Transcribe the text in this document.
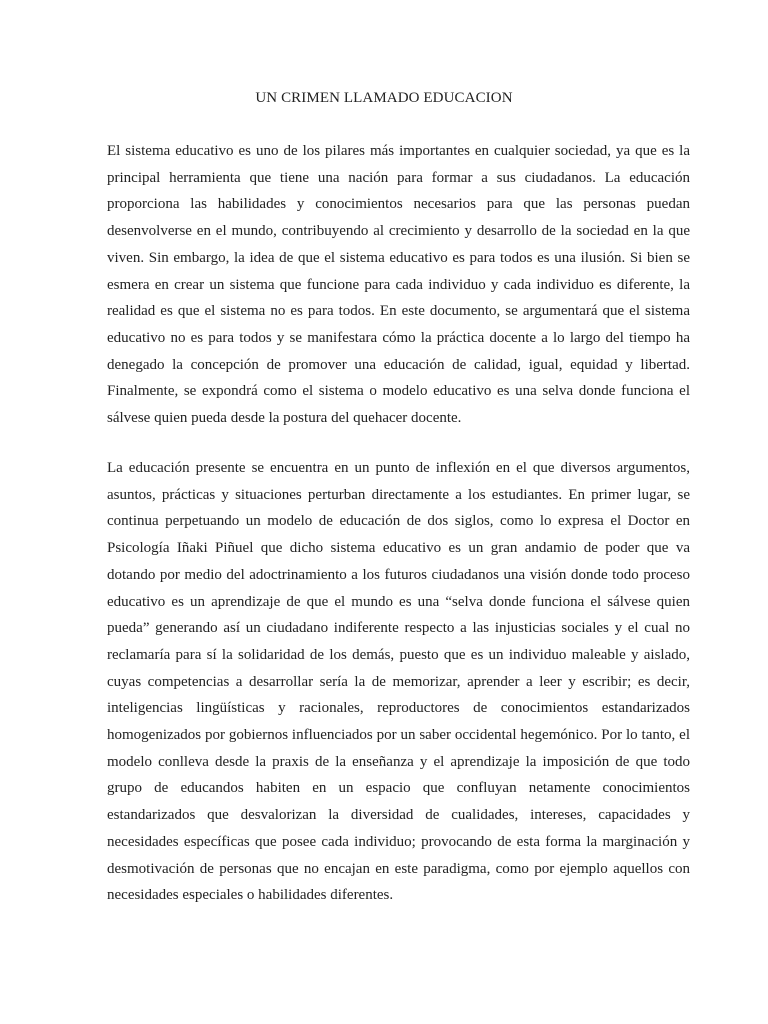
UN CRIMEN LLAMADO EDUCACION

El sistema educativo es uno de los pilares más importantes en cualquier sociedad, ya que es la principal herramienta que tiene una nación para formar a sus ciudadanos. La educación proporciona las habilidades y conocimientos necesarios para que las personas puedan desenvolverse en el mundo, contribuyendo al crecimiento y desarrollo de la sociedad en la que viven. Sin embargo, la idea de que el sistema educativo es para todos es una ilusión. Si bien se esmera en crear un sistema que funcione para cada individuo y cada individuo es diferente, la realidad es que el sistema no es para todos. En este documento, se argumentará que el sistema educativo no es para todos y se manifestara cómo la práctica docente a lo largo del tiempo ha denegado la concepción de promover una educación de calidad, igual, equidad y libertad. Finalmente, se expondrá como el sistema o modelo educativo es una selva donde funciona el sálvese quien pueda desde la postura del quehacer docente.

La educación presente se encuentra en un punto de inflexión en el que diversos argumentos, asuntos, prácticas y situaciones perturban directamente a los estudiantes. En primer lugar, se continua perpetuando un modelo de educación de dos siglos, como lo expresa el Doctor en Psicología Iñaki Piñuel que dicho sistema educativo es un gran andamio de poder que va dotando por medio del adoctrinamiento a los futuros ciudadanos una visión donde todo proceso educativo es un aprendizaje de que el mundo es una “selva donde funciona el sálvese quien pueda” generando así un ciudadano indiferente respecto a las injusticias sociales y el cual no reclamaría para sí la solidaridad de los demás, puesto que es un individuo maleable y aislado, cuyas competencias a desarrollar sería la de memorizar, aprender a leer y escribir; es decir, inteligencias lingüísticas y racionales, reproductores de conocimientos estandarizados homogenizados por gobiernos influenciados por un saber occidental hegemónico. Por lo tanto, el modelo conlleva desde la praxis de la enseñanza y el aprendizaje la imposición de que todo grupo de educandos habiten en un espacio que confluyan netamente conocimientos estandarizados que desvalorizan la diversidad de cualidades, intereses, capacidades y necesidades específicas que posee cada individuo; provocando de esta forma la marginación y desmotivación de personas que no encajan en este paradigma, como por ejemplo aquellos con necesidades especiales o habilidades diferentes.
